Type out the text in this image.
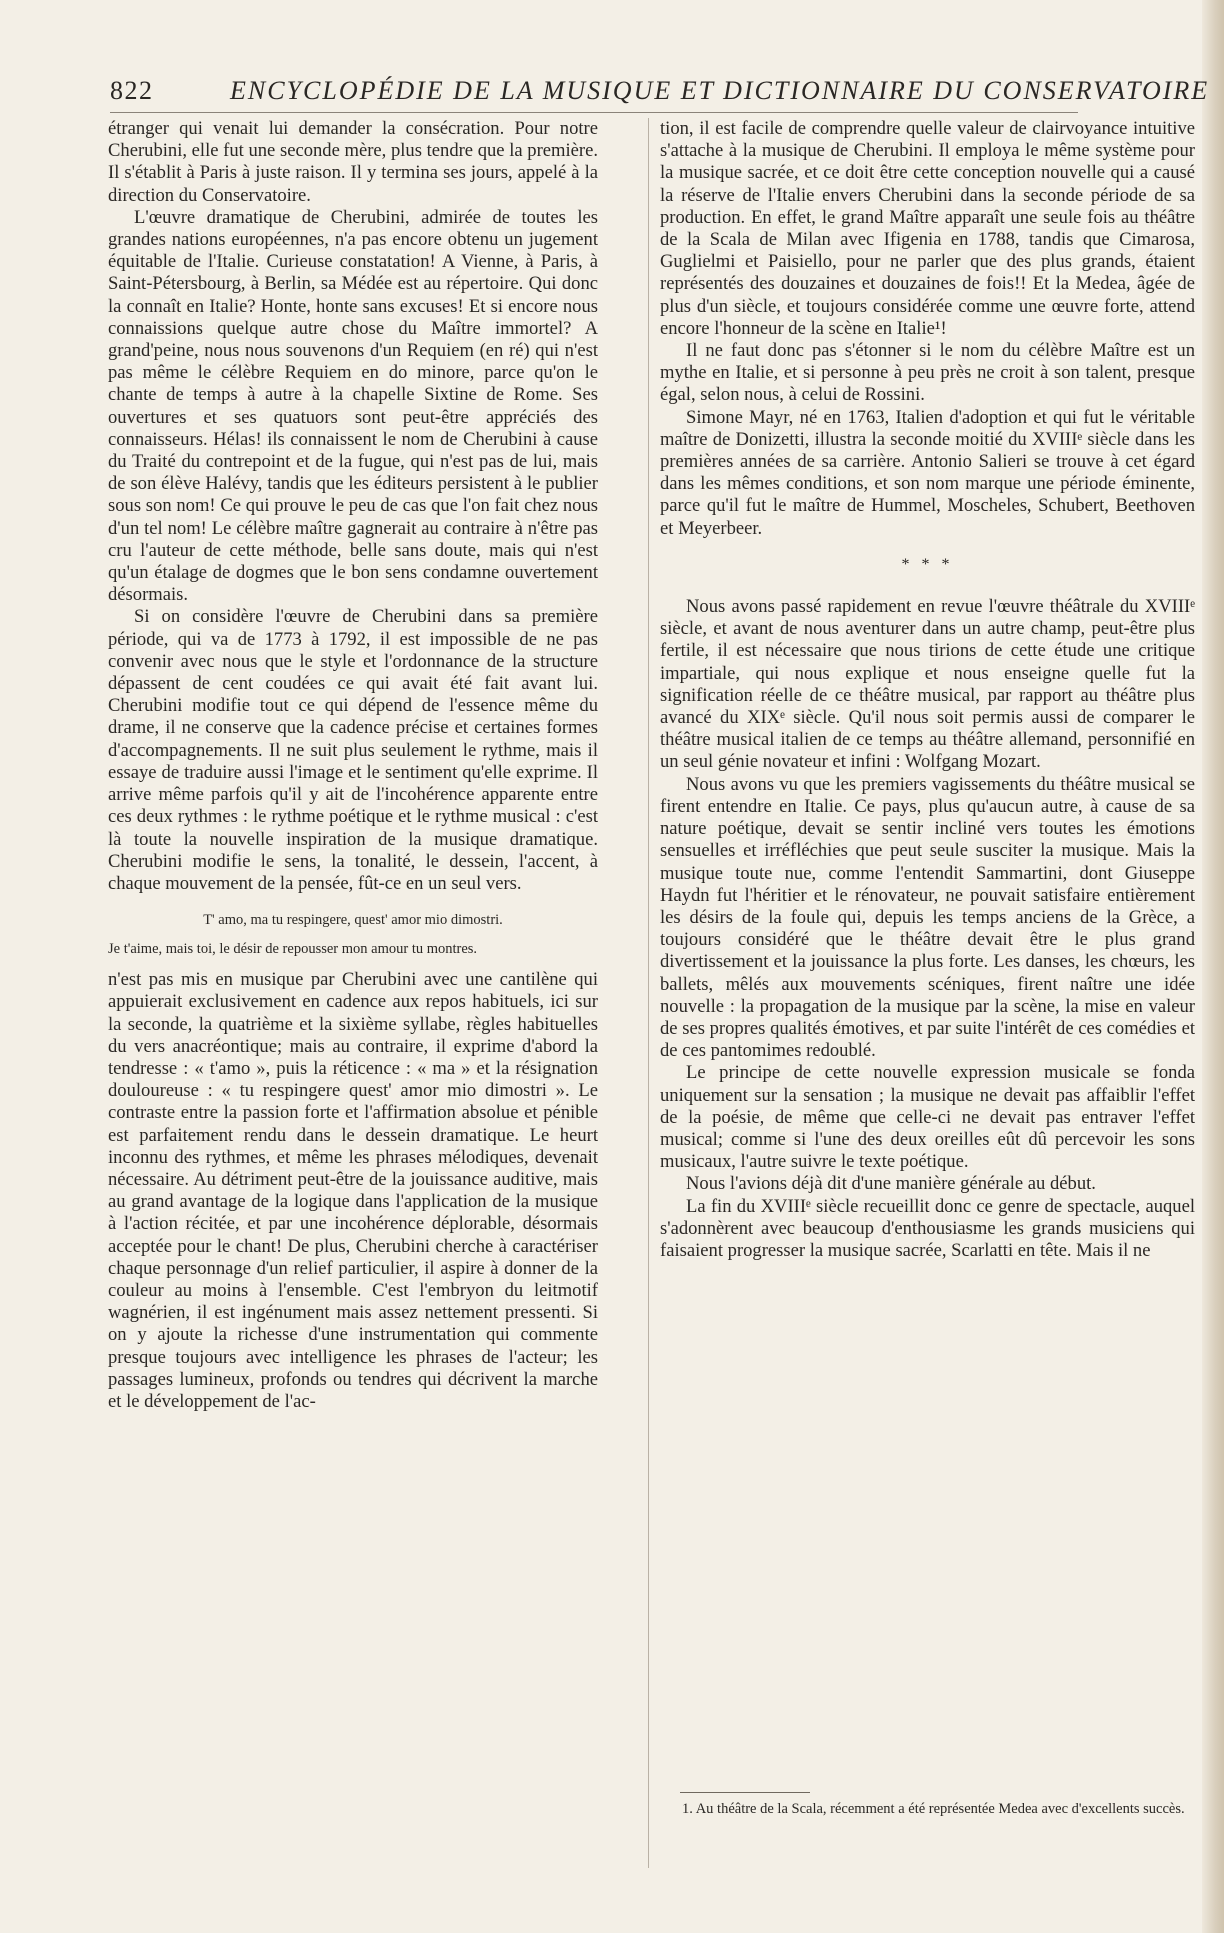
822	ENCYCLOPÉDIE DE LA MUSIQUE ET DICTIONNAIRE DU CONSERVATOIRE

étranger qui venait lui demander la consécration. Pour notre Cherubini, elle fut une seconde mère, plus tendre que la première. Il s'établit à Paris à juste raison. Il y termina ses jours, appelé à la direction du Conservatoire.

L'œuvre dramatique de Cherubini, admirée de toutes les grandes nations européennes, n'a pas encore obtenu un jugement équitable de l'Italie. Curieuse constatation! A Vienne, à Paris, à Saint-Pétersbourg, à Berlin, sa Médée est au répertoire. Qui donc la connaît en Italie? Honte, honte sans excuses! Et si encore nous connaissions quelque autre chose du Maître immortel? A grand'peine, nous nous souvenons d'un Requiem (en ré) qui n'est pas même le célèbre Requiem en do minore, parce qu'on le chante de temps à autre à la chapelle Sixtine de Rome. Ses ouvertures et ses quatuors sont peut-être appréciés des connaisseurs. Hélas! ils connaissent le nom de Cherubini à cause du Traité du contrepoint et de la fugue, qui n'est pas de lui, mais de son élève Halévy, tandis que les éditeurs persistent à le publier sous son nom! Ce qui prouve le peu de cas que l'on fait chez nous d'un tel nom! Le célèbre maître gagnerait au contraire à n'être pas cru l'auteur de cette méthode, belle sans doute, mais qui n'est qu'un étalage de dogmes que le bon sens condamne ouvertement désormais.

Si on considère l'œuvre de Cherubini dans sa première période, qui va de 1773 à 1792, il est impossible de ne pas convenir avec nous que le style et l'ordonnance de la structure dépassent de cent coudées ce qui avait été fait avant lui. Cherubini modifie tout ce qui dépend de l'essence même du drame, il ne conserve que la cadence précise et certaines formes d'accompagnements. Il ne suit plus seulement le rythme, mais il essaye de traduire aussi l'image et le sentiment qu'elle exprime. Il arrive même parfois qu'il y ait de l'incohérence apparente entre ces deux rythmes : le rythme poétique et le rythme musical : c'est là toute la nouvelle inspiration de la musique dramatique. Cherubini modifie le sens, la tonalité, le dessein, l'accent, à chaque mouvement de la pensée, fût-ce en un seul vers.

T' amo, ma tu respingere, quest' amor mio dimostri.

Je t'aime, mais toi, le désir de repousser mon amour tu montres.

n'est pas mis en musique par Cherubini avec une cantilène qui appuierait exclusivement en cadence aux repos habituels, ici sur la seconde, la quatrième et la sixième syllabe, règles habituelles du vers anacréontique; mais au contraire, il exprime d'abord la tendresse : « t'amo », puis la réticence : « ma » et la résignation douloureuse : « tu respingere quest' amor mio dimostri ». Le contraste entre la passion forte et l'affirmation absolue et pénible est parfaitement rendu dans le dessein dramatique. Le heurt inconnu des rythmes, et même les phrases mélodiques, devenait nécessaire. Au détriment peut-être de la jouissance auditive, mais au grand avantage de la logique dans l'application de la musique à l'action récitée, et par une incohérence déplorable, désormais acceptée pour le chant! De plus, Cherubini cherche à caractériser chaque personnage d'un relief particulier, il aspire à donner de la couleur au moins à l'ensemble. C'est l'embryon du leitmotif wagnérien, il est ingénument mais assez nettement pressenti. Si on y ajoute la richesse d'une instrumentation qui commente presque toujours avec intelligence les phrases de l'acteur; les passages lumineux, profonds ou tendres qui décrivent la marche et le développement de l'ac-

tion, il est facile de comprendre quelle valeur de clairvoyance intuitive s'attache à la musique de Cherubini. Il employa le même système pour la musique sacrée, et ce doit être cette conception nouvelle qui a causé la réserve de l'Italie envers Cherubini dans la seconde période de sa production. En effet, le grand Maître apparaît une seule fois au théâtre de la Scala de Milan avec Ifigenia en 1788, tandis que Cimarosa, Guglielmi et Paisiello, pour ne parler que des plus grands, étaient représentés des douzaines et douzaines de fois!! Et la Medea, âgée de plus d'un siècle, et toujours considérée comme une œuvre forte, attend encore l'honneur de la scène en Italie¹!

Il ne faut donc pas s'étonner si le nom du célèbre Maître est un mythe en Italie, et si personne à peu près ne croit à son talent, presque égal, selon nous, à celui de Rossini.

Simone Mayr, né en 1763, Italien d'adoption et qui fut le véritable maître de Donizetti, illustra la seconde moitié du XVIIIᵉ siècle dans les premières années de sa carrière. Antonio Salieri se trouve à cet égard dans les mêmes conditions, et son nom marque une période éminente, parce qu'il fut le maître de Hummel, Moscheles, Schubert, Beethoven et Meyerbeer.

* * *

Nous avons passé rapidement en revue l'œuvre théâtrale du XVIIIᵉ siècle, et avant de nous aventurer dans un autre champ, peut-être plus fertile, il est nécessaire que nous tirions de cette étude une critique impartiale, qui nous explique et nous enseigne quelle fut la signification réelle de ce théâtre musical, par rapport au théâtre plus avancé du XIXᵉ siècle. Qu'il nous soit permis aussi de comparer le théâtre musical italien de ce temps au théâtre allemand, personnifié en un seul génie novateur et infini : Wolfgang Mozart.

Nous avons vu que les premiers vagissements du théâtre musical se firent entendre en Italie. Ce pays, plus qu'aucun autre, à cause de sa nature poétique, devait se sentir incliné vers toutes les émotions sensuelles et irréfléchies que peut seule susciter la musique. Mais la musique toute nue, comme l'entendit Sammartini, dont Giuseppe Haydn fut l'héritier et le rénovateur, ne pouvait satisfaire entièrement les désirs de la foule qui, depuis les temps anciens de la Grèce, a toujours considéré que le théâtre devait être le plus grand divertissement et la jouissance la plus forte. Les danses, les chœurs, les ballets, mêlés aux mouvements scéniques, firent naître une idée nouvelle : la propagation de la musique par la scène, la mise en valeur de ses propres qualités émotives, et par suite l'intérêt de ces comédies et de ces pantomimes redoublé.

Le principe de cette nouvelle expression musicale se fonda uniquement sur la sensation ; la musique ne devait pas affaiblir l'effet de la poésie, de même que celle-ci ne devait pas entraver l'effet musical; comme si l'une des deux oreilles eût dû percevoir les sons musicaux, l'autre suivre le texte poétique.

Nous l'avions déjà dit d'une manière générale au début.

La fin du XVIIIᵉ siècle recueillit donc ce genre de spectacle, auquel s'adonnèrent avec beaucoup d'enthousiasme les grands musiciens qui faisaient progresser la musique sacrée, Scarlatti en tête. Mais il ne

1. Au théâtre de la Scala, récemment a été représentée Medea avec d'excellents succès.
